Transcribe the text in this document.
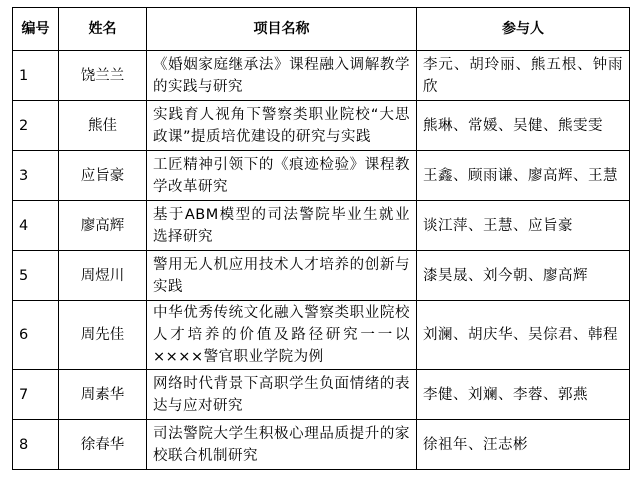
编号	姓名	项目名称	参与人
1	饶兰兰	《婚姻家庭继承法》课程融入调解教学的实践与研究	李元、胡玲丽、熊五根、钟雨欣
2	熊佳	实践育人视角下警察类职业院校“大思政课”提质培优建设的研究与实践	熊琳、常媛、吴健、熊雯雯
3	应旨豪	工匠精神引领下的《痕迹检验》课程教学改革研究	王鑫、顾雨谦、廖高辉、王慧
4	廖高辉	基于ABM模型的司法警院毕业生就业选择研究	谈江萍、王慧、应旨豪
5	周煜川	警用无人机应用技术人才培养的创新与实践	漆昊晟、刘今朝、廖高辉
6	周先佳	中华优秀传统文化融入警察类职业院校人才培养的价值及路径研究一一以××××警官职业学院为例	刘澜、胡庆华、吴倧君、韩程
7	周素华	网络时代背景下高职学生负面情绪的表达与应对研究	李健、刘斓、李蓉、郭燕
8	徐春华	司法警院大学生积极心理品质提升的家校联合机制研究	徐祖年、汪志彬
